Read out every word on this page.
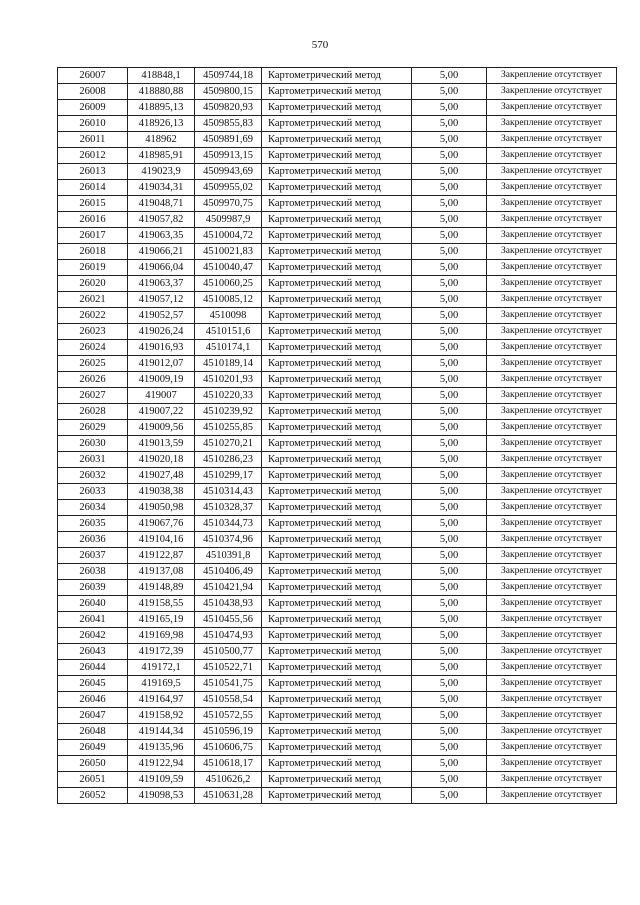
570
26007	418848,1	4509744,18	Картометрический метод	5,00	Закрепление отсутствует
26008	418880,88	4509800,15	Картометрический метод	5,00	Закрепление отсутствует
26009	418895,13	4509820,93	Картометрический метод	5,00	Закрепление отсутствует
26010	418926,13	4509855,83	Картометрический метод	5,00	Закрепление отсутствует
26011	418962	4509891,69	Картометрический метод	5,00	Закрепление отсутствует
26012	418985,91	4509913,15	Картометрический метод	5,00	Закрепление отсутствует
26013	419023,9	4509943,69	Картометрический метод	5,00	Закрепление отсутствует
26014	419034,31	4509955,02	Картометрический метод	5,00	Закрепление отсутствует
26015	419048,71	4509970,75	Картометрический метод	5,00	Закрепление отсутствует
26016	419057,82	4509987,9	Картометрический метод	5,00	Закрепление отсутствует
26017	419063,35	4510004,72	Картометрический метод	5,00	Закрепление отсутствует
26018	419066,21	4510021,83	Картометрический метод	5,00	Закрепление отсутствует
26019	419066,04	4510040,47	Картометрический метод	5,00	Закрепление отсутствует
26020	419063,37	4510060,25	Картометрический метод	5,00	Закрепление отсутствует
26021	419057,12	4510085,12	Картометрический метод	5,00	Закрепление отсутствует
26022	419052,57	4510098	Картометрический метод	5,00	Закрепление отсутствует
26023	419026,24	4510151,6	Картометрический метод	5,00	Закрепление отсутствует
26024	419016,93	4510174,1	Картометрический метод	5,00	Закрепление отсутствует
26025	419012,07	4510189,14	Картометрический метод	5,00	Закрепление отсутствует
26026	419009,19	4510201,93	Картометрический метод	5,00	Закрепление отсутствует
26027	419007	4510220,33	Картометрический метод	5,00	Закрепление отсутствует
26028	419007,22	4510239,92	Картометрический метод	5,00	Закрепление отсутствует
26029	419009,56	4510255,85	Картометрический метод	5,00	Закрепление отсутствует
26030	419013,59	4510270,21	Картометрический метод	5,00	Закрепление отсутствует
26031	419020,18	4510286,23	Картометрический метод	5,00	Закрепление отсутствует
26032	419027,48	4510299,17	Картометрический метод	5,00	Закрепление отсутствует
26033	419038,38	4510314,43	Картометрический метод	5,00	Закрепление отсутствует
26034	419050,98	4510328,37	Картометрический метод	5,00	Закрепление отсутствует
26035	419067,76	4510344,73	Картометрический метод	5,00	Закрепление отсутствует
26036	419104,16	4510374,96	Картометрический метод	5,00	Закрепление отсутствует
26037	419122,87	4510391,8	Картометрический метод	5,00	Закрепление отсутствует
26038	419137,08	4510406,49	Картометрический метод	5,00	Закрепление отсутствует
26039	419148,89	4510421,94	Картометрический метод	5,00	Закрепление отсутствует
26040	419158,55	4510438,93	Картометрический метод	5,00	Закрепление отсутствует
26041	419165,19	4510455,56	Картометрический метод	5,00	Закрепление отсутствует
26042	419169,98	4510474,93	Картометрический метод	5,00	Закрепление отсутствует
26043	419172,39	4510500,77	Картометрический метод	5,00	Закрепление отсутствует
26044	419172,1	4510522,71	Картометрический метод	5,00	Закрепление отсутствует
26045	419169,5	4510541,75	Картометрический метод	5,00	Закрепление отсутствует
26046	419164,97	4510558,54	Картометрический метод	5,00	Закрепление отсутствует
26047	419158,92	4510572,55	Картометрический метод	5,00	Закрепление отсутствует
26048	419144,34	4510596,19	Картометрический метод	5,00	Закрепление отсутствует
26049	419135,96	4510606,75	Картометрический метод	5,00	Закрепление отсутствует
26050	419122,94	4510618,17	Картометрический метод	5,00	Закрепление отсутствует
26051	419109,59	4510626,2	Картометрический метод	5,00	Закрепление отсутствует
26052	419098,53	4510631,28	Картометрический метод	5,00	Закрепление отсутствует
